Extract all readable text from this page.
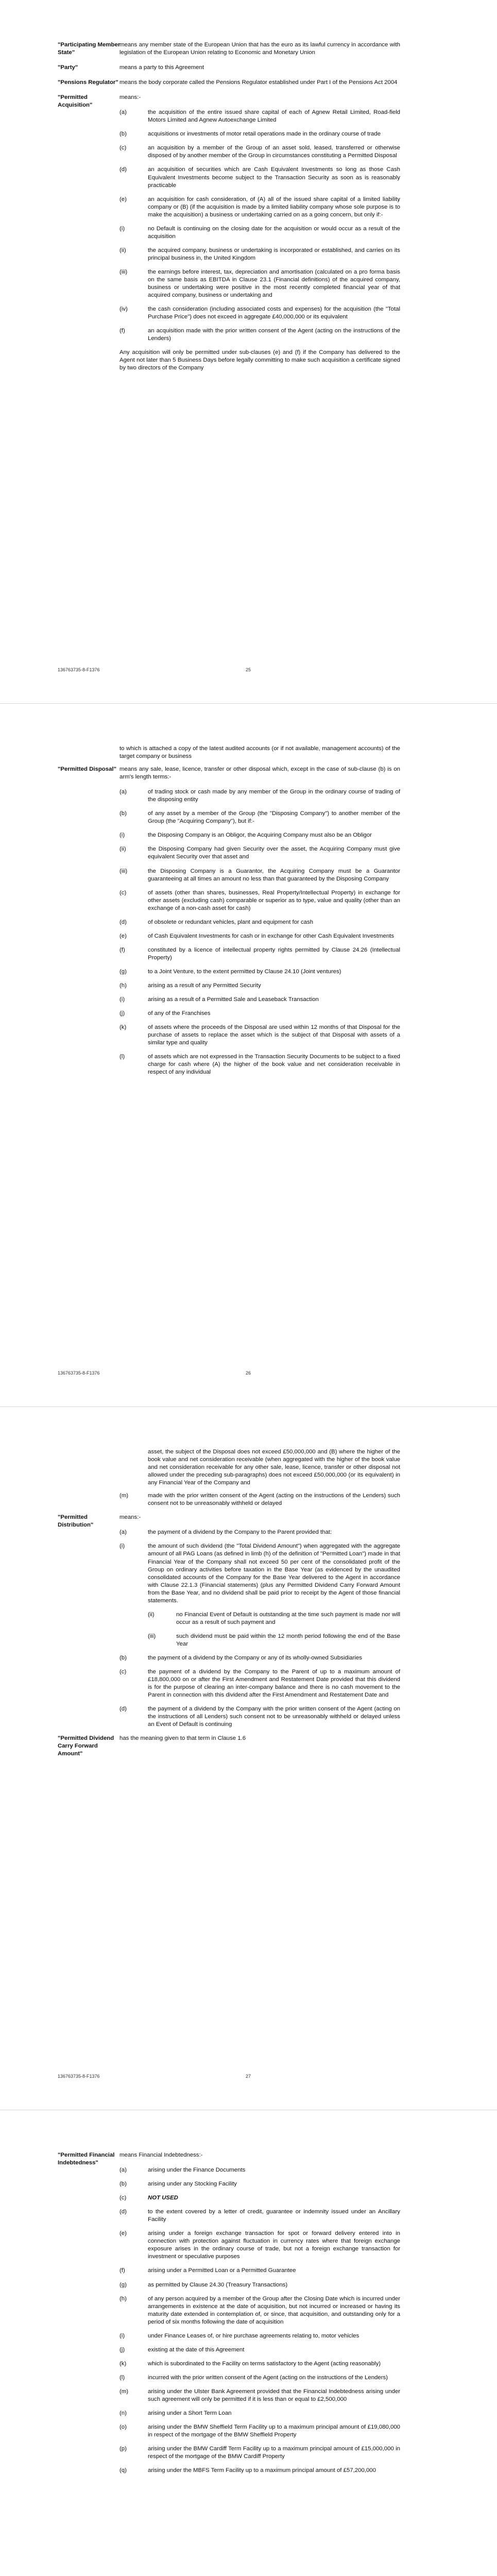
"Participating Member State"
means any member state of the European Union that has the euro as its lawful currency in accordance with legislation of the European Union relating to Economic and Monetary Union
"Party"	means a party to this Agreement
"Pensions Regulator" means the body corporate called the Pensions Regulator established under Part I of the Pensions Act 2004
"Permitted Acquisition"
means:-
(a)	the acquisition of the entire issued share capital of each of Agnew Retail Limited, Road-field Motors Limited and Agnew Autoexchange Limited
(b)	acquisitions or investments of motor retail operations made in the ordinary course of trade
(c)	an acquisition by a member of the Group of an asset sold, leased, transferred or otherwise disposed of by another member of the Group in circumstances constituting a Permitted Disposal
(d)	an acquisition of securities which are Cash Equivalent Investments so long as those Cash Equivalent Investments become subject to the Transaction Security as soon as is reasonably practicable
(e)	an acquisition for cash consideration, of (A) all of the issued share capital of a limited liability company or (B) (if the acquisition is made by a limited liability company whose sole purpose is to make the acquisition) a business or undertaking carried on as a going concern, but only if:-
(i)	no Default is continuing on the closing date for the acquisition or would occur as a result of the acquisition
(ii)	the acquired company, business or undertaking is incorporated or established, and carries on its principal business in, the United Kingdom
(iii)	the earnings before interest, tax, depreciation and amortisation (calculated on a pro forma basis on the same basis as EBITDA in Clause 23.1 (Financial definitions) of the acquired company, business or undertaking were positive in the most recently completed financial year of that acquired company, business or undertaking and
(iv)	the cash consideration (including associated costs and expenses) for the acquisition (the "Total Purchase Price") does not exceed in aggregate £40,000,000 or its equivalent
(f)	an acquisition made with the prior written consent of the Agent (acting on the instructions of the Lenders)
Any acquisition will only be permitted under sub-clauses (e) and (f) if the Company has delivered to the Agent not later than 5 Business Days before legally committing to make such acquisition a certificate signed by two directors of the Company
136763735-8-F1376	25
to which is attached a copy of the latest audited accounts (or if not available, management accounts) of the target company or business
"Permitted Disposal" means any sale, lease, licence, transfer or other disposal which, except in the case of sub-clause (b) is on arm's length terms:-
(a)	of trading stock or cash made by any member of the Group in the ordinary course of trading of the disposing entity
(b)	of any asset by a member of the Group (the "Disposing Company") to another member of the Group (the "Acquiring Company"), but if:-
(i)	the Disposing Company is an Obligor, the Acquiring Company must also be an Obligor
(ii)	the Disposing Company had given Security over the asset, the Acquiring Company must give equivalent Security over that asset and
(iii)	the Disposing Company is a Guarantor, the Acquiring Company must be a Guarantor guaranteeing at all times an amount no less than that guaranteed by the Disposing Company
(c)	of assets (other than shares, businesses, Real Property/Intellectual Property) in exchange for other assets (excluding cash) comparable or superior as to type, value and quality (other than an exchange of a non-cash asset for cash)
(d)	of obsolete or redundant vehicles, plant and equipment for cash
(e)	of Cash Equivalent Investments for cash or in exchange for other Cash Equivalent Investments
(f)	constituted by a licence of intellectual property rights permitted by Clause 24.26 (Intellectual Property)
(g)	to a Joint Venture, to the extent permitted by Clause 24.10 (Joint ventures)
(h)	arising as a result of any Permitted Security
(i)	arising as a result of a Permitted Sale and Leaseback Transaction
(j)	of any of the Franchises
(k)	of assets where the proceeds of the Disposal are used within 12 months of that Disposal for the purchase of assets to replace the asset which is the subject of that Disposal with assets of a similar type and quality
(l)	of assets which are not expressed in the Transaction Security Documents to be subject to a fixed charge for cash where (A) the higher of the book value and net consideration receivable in respect of any individual
136763735-8-F1376	26
asset, the subject of the Disposal does not exceed £50,000,000 and (B) where the higher of the book value and net consideration receivable (when aggregated with the higher of the book value and net consideration receivable for any other sale, lease, licence, transfer or other disposal not allowed under the preceding sub-paragraphs) does not exceed £50,000,000 (or its equivalent) in any Financial Year of the Company and
(m)	made with the prior written consent of the Agent (acting on the instructions of the Lenders) such consent not to be unreasonably withheld or delayed
"Permitted Distribution"
means:-
(a)	the payment of a dividend by the Company to the Parent provided that:
(i)	the amount of such dividend (the "Total Dividend Amount") when aggregated with the aggregate amount of all PAG Loans (as defined in limb (h) of the definition of "Permitted Loan") made in that Financial Year of the Company shall not exceed 50 per cent of the consolidated profit of the Group on ordinary activities before taxation in the Base Year (as evidenced by the unaudited consolidated accounts of the Company for the Base Year delivered to the Agent in accordance with Clause 22.1.3 (Financial statements) (plus any Permitted Dividend Carry Forward Amount from the Base Year, and no dividend shall be paid prior to receipt by the Agent of those financial statements.
(ii)	no Financial Event of Default is outstanding at the time such payment is made nor will occur as a result of such payment and
(iii)	such dividend must be paid within the 12 month period following the end of the Base Year
(b)	the payment of a dividend by the Company or any of its wholly-owned Subsidiaries
(c)	the payment of a dividend by the Company to the Parent of up to a maximum amount of £18,800,000 on or after the First Amendment and Restatement Date provided that this dividend is for the purpose of clearing an inter-company balance and there is no cash movement to the Parent in connection with this dividend after the First Amendment and Restatement Date and
(d)	the payment of a dividend by the Company with the prior written consent of the Agent (acting on the instructions of all Lenders) such consent not to be unreasonably withheld or delayed unless an Event of Default is continuing
"Permitted Dividend Carry Forward Amount"
has the meaning given to that term in Clause 1.6
136763735-8-F1376	27
"Permitted Financial Indebtedness"
means Financial Indebtedness:-
(a)	arising under the Finance Documents
(b)	arising under any Stocking Facility
(c)	NOT USED
(d)	to the extent covered by a letter of credit, guarantee or indemnity issued under an Ancillary Facility
(e)	arising under a foreign exchange transaction for spot or forward delivery entered into in connection with protection against fluctuation in currency rates where that foreign exchange exposure arises in the ordinary course of trade, but not a foreign exchange transaction for investment or speculative purposes
(f)	arising under a Permitted Loan or a Permitted Guarantee
(g)	as permitted by Clause 24.30 (Treasury Transactions)
(h)	of any person acquired by a member of the Group after the Closing Date which is incurred under arrangements in existence at the date of acquisition, but not incurred or increased or having its maturity date extended in contemplation of, or since, that acquisition, and outstanding only for a period of six months following the date of acquisition
(i)	under Finance Leases of, or hire purchase agreements relating to, motor vehicles
(j)	existing at the date of this Agreement
(k)	which is subordinated to the Facility on terms satisfactory to the Agent (acting reasonably)
(l)	incurred with the prior written consent of the Agent (acting on the instructions of the Lenders)
(m)	arising under the Ulster Bank Agreement provided that the Financial Indebtedness arising under such agreement will only be permitted if it is less than or equal to £2,500,000
(n)	arising under a Short Term Loan
(o)	arising under the BMW Sheffield Term Facility up to a maximum principal amount of £19,080,000 in respect of the mortgage of the BMW Sheffield Property
(p)	arising under the BMW Cardiff Term Facility up to a maximum principal amount of £15,000,000 in respect of the mortgage of the BMW Cardiff Property
(q)	arising under the MBFS Term Facility up to a maximum principal amount of £57,200,000
